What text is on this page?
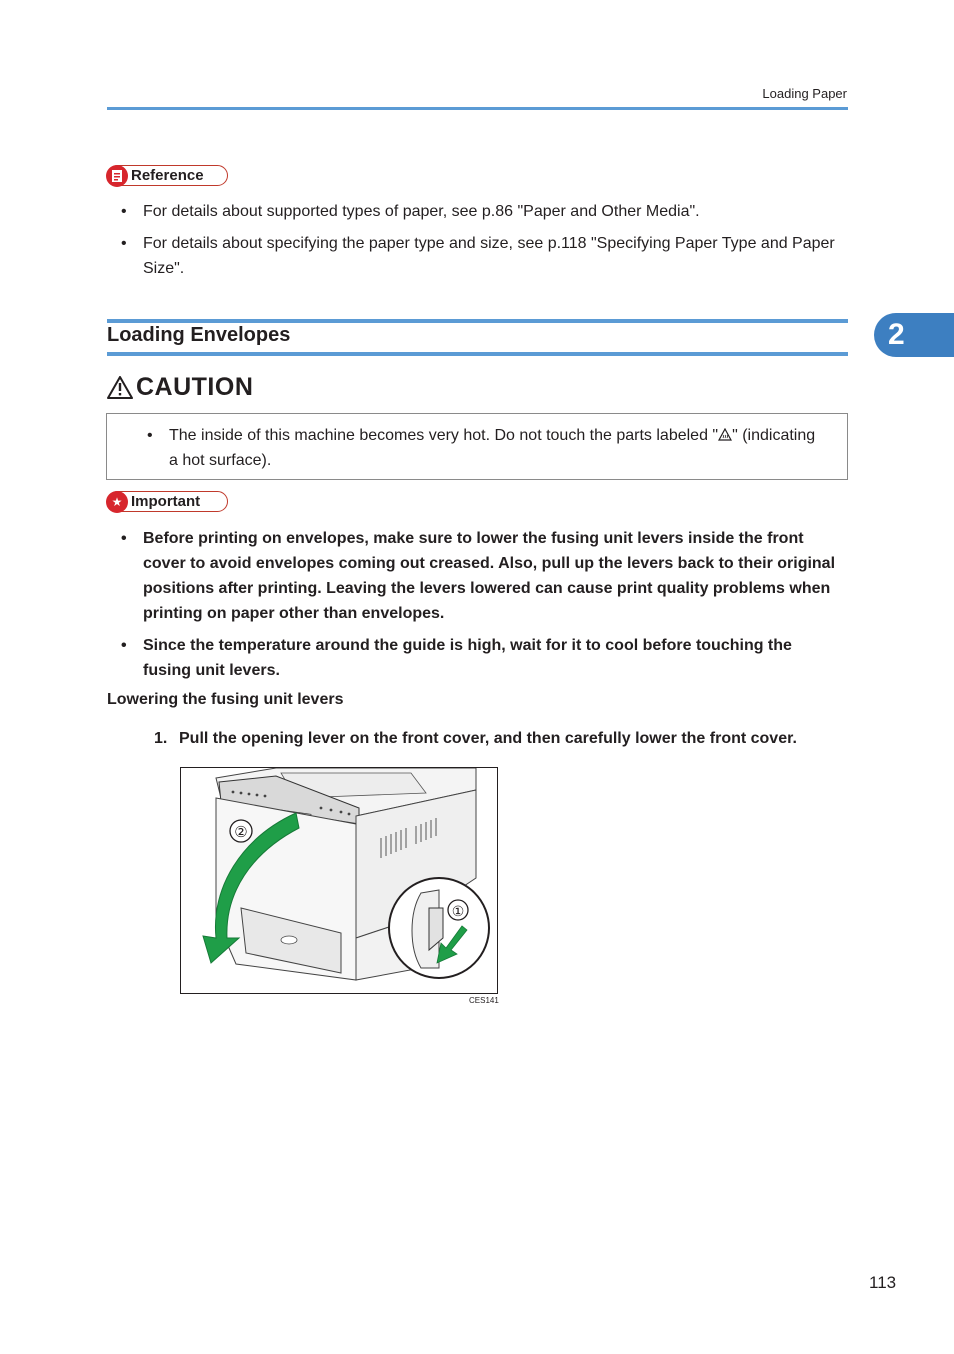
Loading Paper
Reference
• For details about supported types of paper, see p.86 "Paper and Other Media".
• For details about specifying the paper type and size, see p.118 "Specifying Paper Type and Paper Size".
Loading Envelopes	2
CAUTION
• The inside of this machine becomes very hot. Do not touch the parts labeled " " (indicating a hot surface).
★ Important
• Before printing on envelopes, make sure to lower the fusing unit levers inside the front cover to avoid envelopes coming out creased. Also, pull up the levers back to their original positions after printing. Leaving the levers lowered can cause print quality problems when printing on paper other than envelopes.
• Since the temperature around the guide is high, wait for it to cool before touching the fusing unit levers.
Lowering the fusing unit levers
1. Pull the opening lever on the front cover, and then carefully lower the front cover.
②
①
CES141
113
